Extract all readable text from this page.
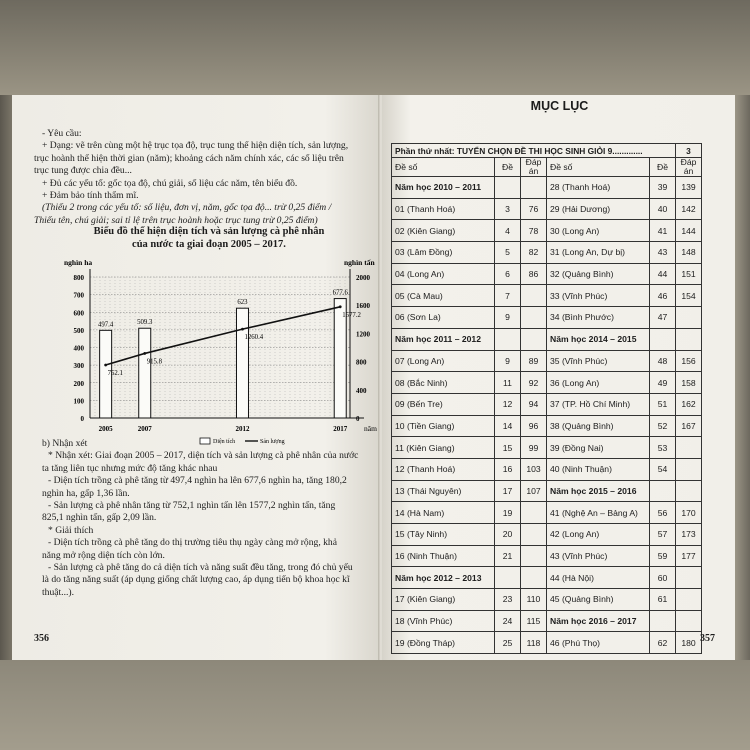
- Yêu cầu:

+ Dạng: vẽ trên cùng một hệ trục tọa độ, trục tung thể hiện diện tích, sản lượng,

trục hoành thể hiện thời gian (năm); khoảng cách năm chính xác, các số liệu trên

trục tung được chia đều...

+ Đủ các yếu tố: gốc tọa độ, chú giải, số liệu các năm, tên biểu đồ.

+ Đảm bảo tính thẩm mĩ.

(Thiếu 2 trong các yếu tố: số liệu, đơn vị, năm, gốc tọa độ... trừ 0,25 điểm /

Thiếu tên, chú giải; sai tỉ lệ trên trục hoành hoặc trục tung trừ 0,25 điểm)

Biểu đồ thể hiện diện tích và sản lượng cà phê nhân
của nước ta giai đoạn 2005 – 2017.
0
100
200
300
400
500
600
700
800
0
400
800
1200
1600
2000
nghìn ha	nghìn tấn
năm
497.4
2005
509.3
2007
623
2012
677.6
2017
752.1
915.8
1260.4
1577.2
Diện tích	Sản lượng

b) Nhận xét

* Nhận xét: Giai đoạn 2005 – 2017, diện tích và sản lượng cà phê nhân của nước

ta tăng liên tục nhưng mức độ tăng khác nhau

- Diện tích trồng cà phê tăng từ 497,4 nghìn ha lên 677,6 nghìn ha, tăng 180,2

nghìn ha, gấp 1,36 lần.

- Sản lượng cà phê nhân tăng từ 752,1 nghìn tấn lên 1577,2 nghìn tấn, tăng

825,1 nghìn tấn, gấp 2,09 lần.

* Giải thích

- Diện tích trồng cà phê tăng do thị trường tiêu thụ ngày càng mở rộng, khả

năng mở rộng diện tích còn lớn.

- Sản lượng cà phê tăng do cả diện tích và năng suất đều tăng, trong đó chủ yếu

là do tăng năng suất (áp dụng giống chất lượng cao, áp dụng tiến bộ khoa học kĩ

thuật...).

356
MỤC LỤC
Phần thứ nhất: TUYỂN CHỌN ĐỀ THI HỌC SINH GIỎI 9.............					3
Đề số	Đề	Đáp án	Đề số	Đề	Đáp án
Năm học 2010 – 2011			28 (Thanh Hoá)	39	139
01 (Thanh Hoá)	3	76	29 (Hải Dương)	40	142
02 (Kiên Giang)	4	78	30 (Long An)	41	144
03 (Lâm Đồng)	5	82	31 (Long An, Dự bị)	43	148
04 (Long An)	6	86	32 (Quảng Bình)	44	151
05 (Cà Mau)	7		33 (Vĩnh Phúc)	46	154
06 (Sơn La)	9		34 (Bình Phước)	47	
Năm học 2011 – 2012			Năm học 2014 – 2015		
07 (Long An)	9	89	35 (Vĩnh Phúc)	48	156
08 (Bắc Ninh)	11	92	36 (Long An)	49	158
09 (Bến Tre)	12	94	37 (TP. Hồ Chí Minh)	51	162
10 (Tiền Giang)	14	96	38 (Quảng Bình)	52	167
11 (Kiên Giang)	15	99	39 (Đồng Nai)	53	
12 (Thanh Hoá)	16	103	40 (Ninh Thuận)	54	
13 (Thái Nguyên)	17	107	Năm học 2015 – 2016		
14 (Hà Nam)	19		41 (Nghệ An – Bảng A)	56	170
15 (Tây Ninh)	20		42 (Long An)	57	173
16 (Ninh Thuận)	21		43 (Vĩnh Phúc)	59	177
Năm học 2012 – 2013			44 (Hà Nội)	60	
17 (Kiên Giang)	23	110	45 (Quảng Bình)	61	
18 (Vĩnh Phúc)	24	115	Năm học 2016 – 2017		
19 (Đồng Tháp)	25	118	46 (Phú Thọ)	62	180 357
